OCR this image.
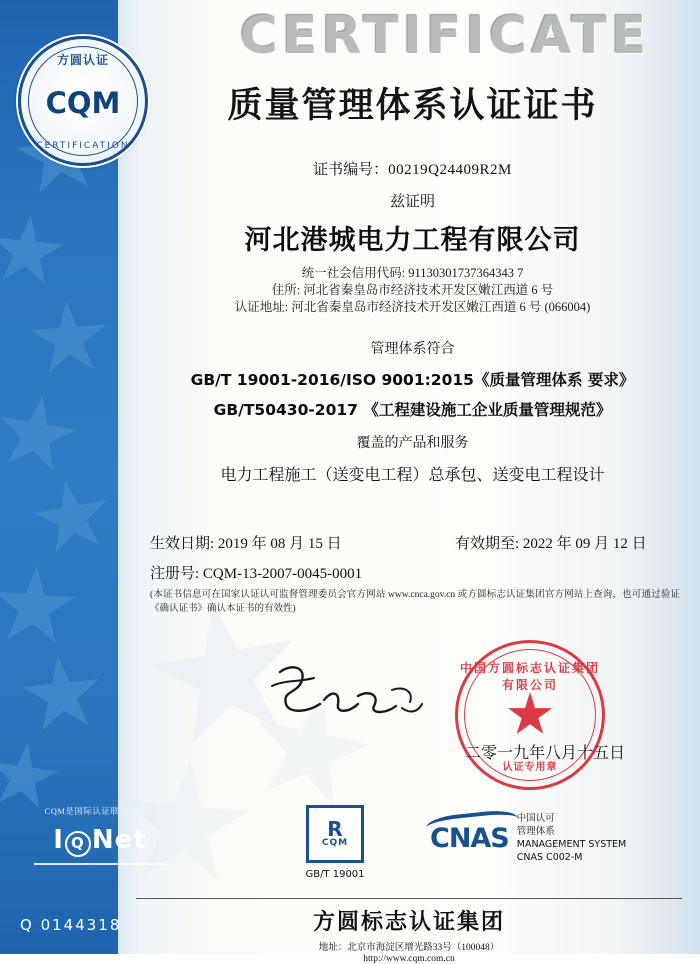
方圆认证
CQM
CERTIFICATION
CERTIFICATE
质量管理体系认证证书
证书编号：00219Q24409R2M
兹证明
河北港城电力工程有限公司
统一社会信用代码: 91130301737364343 7
住所: 河北省秦皇岛市经济技术开发区嫩江西道 6 号
认证地址: 河北省秦皇岛市经济技术开发区嫩江西道 6 号 (066004)
管理体系符合
GB/T 19001-2016/ISO 9001:2015《质量管理体系 要求》
GB/T50430-2017 《工程建设施工企业质量管理规范》
覆盖的产品和服务
电力工程施工（送变电工程）总承包、送变电工程设计
生效日期: 2019 年 08 月 15 日	有效期至: 2022 年 09 月 12 日
注册号: CQM-13-2007-0045-0001
(本证书信息可在国家认证认可监督管理委员会官方网站 www.cnca.gov.cn 或方圆标志认证集团官方网站上查询，也可通过验证《确认证书》确认本证书的有效性)
中国方圆标志认证集团有限公司
认证专用章
二零一九年八月十五日
CQM是国际认证联盟的成员
I Q Net	R
CQM
GB/T 19001
CNAS
中国认可
管理体系
MANAGEMENT SYSTEM
CNAS C002-M
方圆标志认证集团
地址：北京市海淀区增光路33号（100048）
http://www.cqm.com.cn
Q 0144318
